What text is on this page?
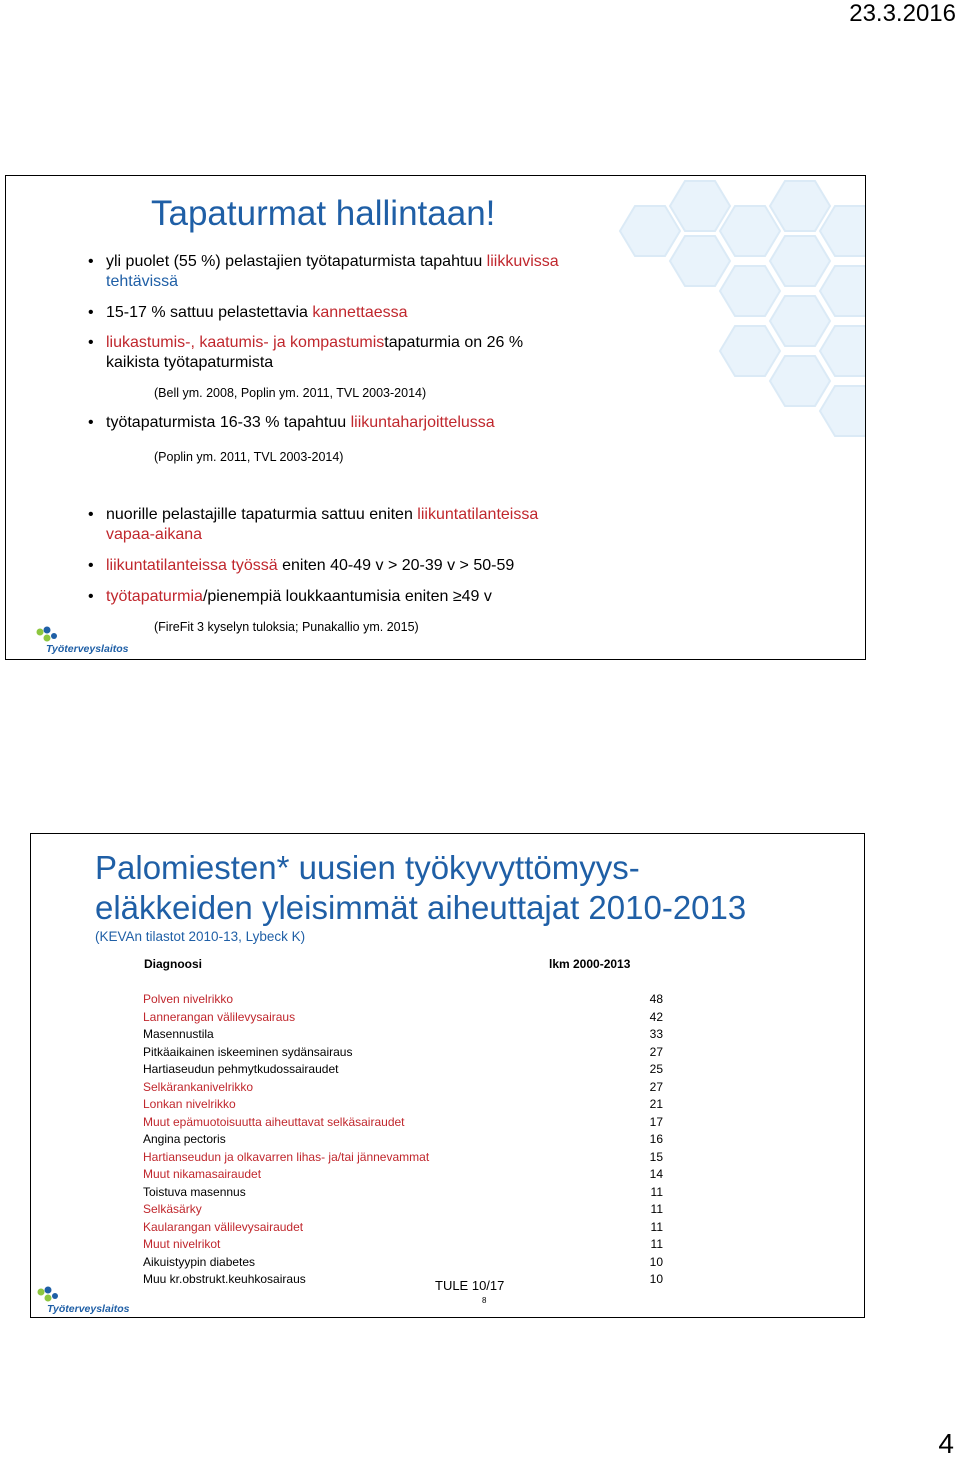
23.3.2016
Tapaturmat hallintaan!
• yli puolet (55 %) pelastajien työtapaturmista tapahtuu liikkuvissa
tehtävissä
• 15-17 % sattuu pelastettavia kannettaessa
• liukastumis-, kaatumis- ja kompastumistapaturmia on 26 %
kaikista työtapaturmista
(Bell ym. 2008, Poplin ym. 2011, TVL 2003-2014)
• työtapaturmista 16-33 % tapahtuu liikuntaharjoittelussa
(Poplin ym. 2011, TVL 2003-2014)
• nuorille pelastajille tapaturmia sattuu eniten liikuntatilanteissa
vapaa-aikana
• liikuntatilanteissa työssä eniten 40-49 v > 20-39 v > 50-59
• työtapaturmia/pienempiä loukkaantumisia eniten ≥49 v
(FireFit 3 kyselyn tuloksia; Punakallio ym. 2015)
Työterveyslaitos
Palomiesten* uusien työkyvyttömyys-
eläkkeiden yleisimmät aiheuttajat 2010-2013
(KEVAn tilastot 2010-13, Lybeck K)
Diagnoosi	lkm 2000-2013
Polven nivelrikko	48
Lannerangan välilevysairaus	42
Masennustila	33
Pitkäaikainen iskeeminen sydänsairaus	27
Hartiaseudun pehmytkudossairaudet	25
Selkärankanivelrikko	27
Lonkan nivelrikko	21
Muut epämuotoisuutta aiheuttavat selkäsairaudet	17
Angina pectoris	16
Hartianseudun ja olkavarren lihas- ja/tai jännevammat	15
Muut nikamasairaudet	14
Toistuva masennus	11
Selkäsärky	11
Kaularangan välilevysairaudet	11
Muut nivelrikot	11
Aikuistyypin diabetes	10
Muu kr.obstrukt.keuhkosairaus	10
TULE 10/17
8
Työterveyslaitos
4
